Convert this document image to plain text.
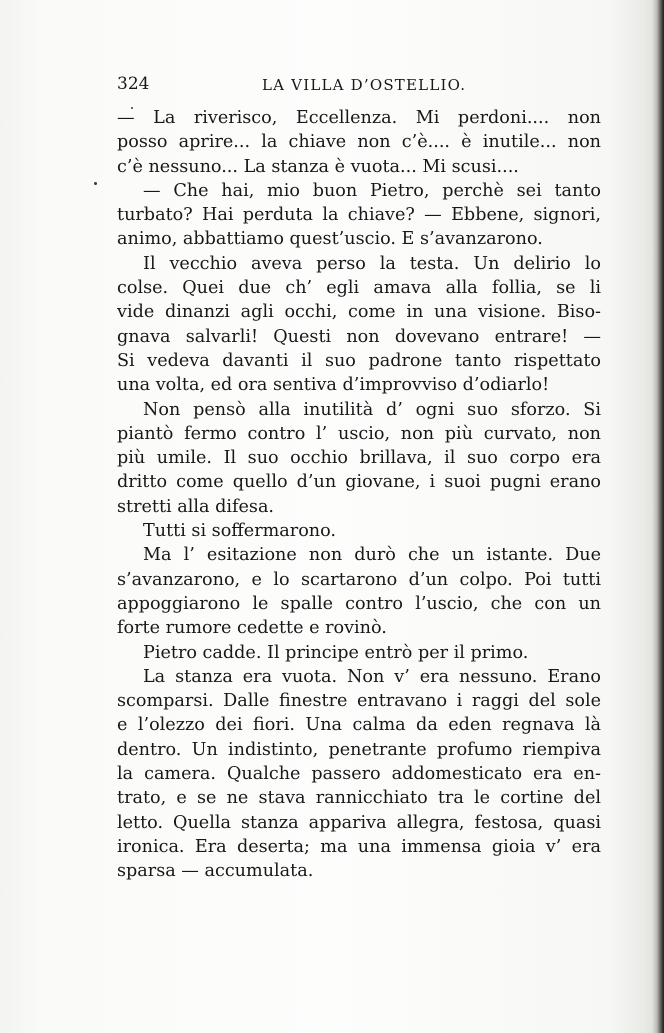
324	LA VILLA D’OSTELLIO.
— La riverisco, Eccellenza. Mi perdoni.... non
posso aprire... la chiave non c’è.... è inutile... non
c’è nessuno... La stanza è vuota... Mi scusi....
— Che hai, mio buon Pietro, perchè sei tanto
turbato? Hai perduta la chiave? — Ebbene, signori,
animo, abbattiamo quest’uscio. E s’avanzarono.
Il vecchio aveva perso la testa. Un delirio lo
colse. Quei due ch’ egli amava alla follia, se li
vide dinanzi agli occhi, come in una visione. Biso-
gnava salvarli! Questi non dovevano entrare! —
Si vedeva davanti il suo padrone tanto rispettato
una volta, ed ora sentiva d’improvviso d’odiarlo!
Non pensò alla inutilità d’ ogni suo sforzo. Si
piantò fermo contro l’ uscio, non più curvato, non
più umile. Il suo occhio brillava, il suo corpo era
dritto come quello d’un giovane, i suoi pugni erano
stretti alla difesa.
Tutti si soffermarono.
Ma l’ esitazione non durò che un istante. Due
s’avanzarono, e lo scartarono d’un colpo. Poi tutti
appoggiarono le spalle contro l’uscio, che con un
forte rumore cedette e rovinò.
Pietro cadde. Il principe entrò per il primo.
La stanza era vuota. Non v’ era nessuno. Erano
scomparsi. Dalle finestre entravano i raggi del sole
e l’olezzo dei fiori. Una calma da eden regnava là
dentro. Un indistinto, penetrante profumo riempiva
la camera. Qualche passero addomesticato era en-
trato, e se ne stava rannicchiato tra le cortine del
letto. Quella stanza appariva allegra, festosa, quasi
ironica. Era deserta; ma una immensa gioia v’ era
sparsa — accumulata.
